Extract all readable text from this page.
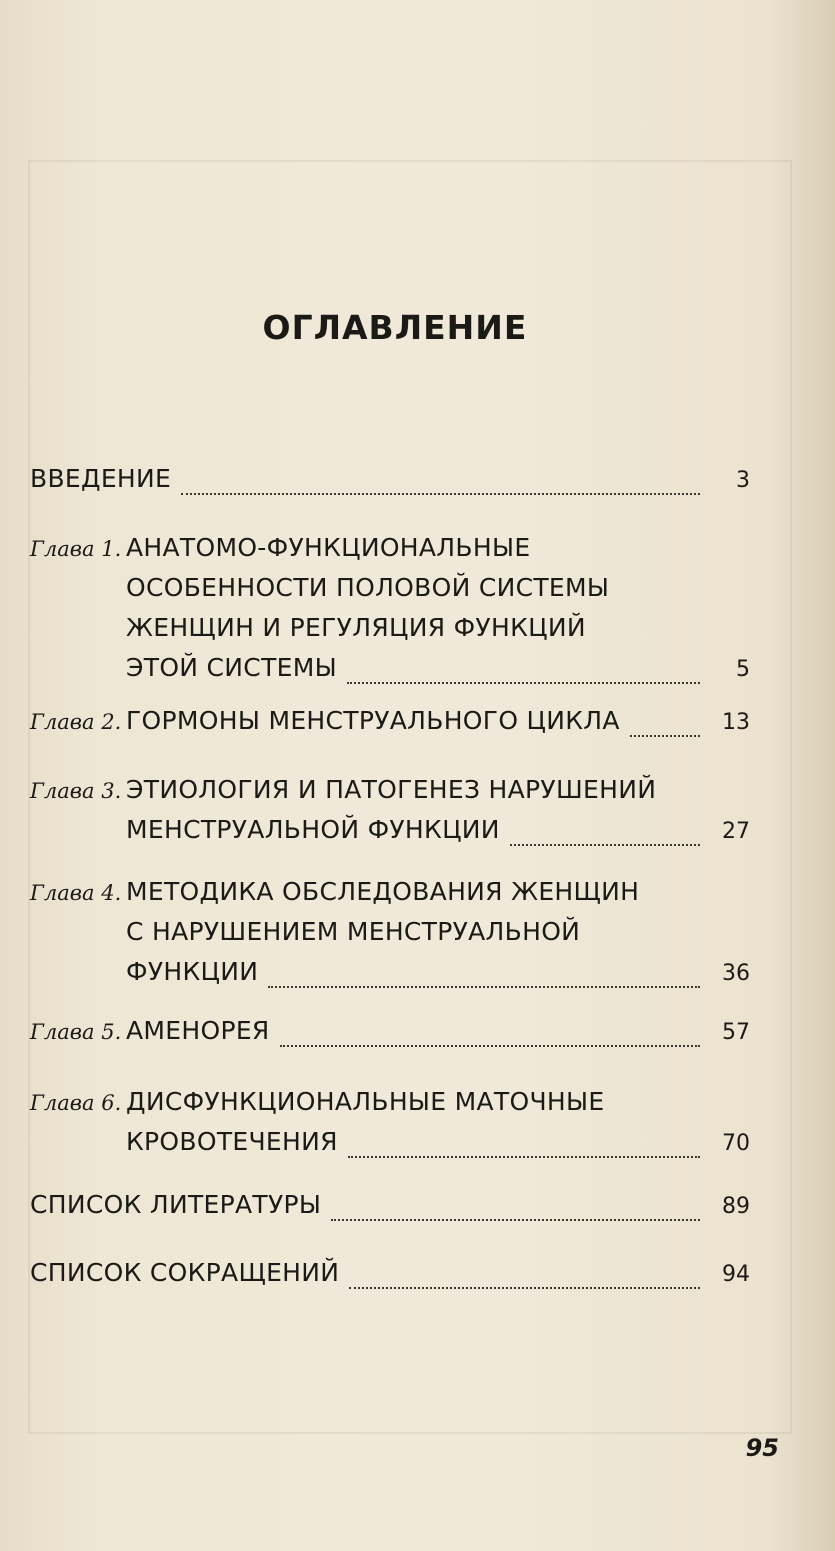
ОГЛАВЛЕНИЕ
ВВЕДЕНИЕ	3
Глава 1. АНАТОМО-ФУНКЦИОНАЛЬНЫЕ
ОСОБЕННОСТИ ПОЛОВОЙ СИСТЕМЫ
ЖЕНЩИН И РЕГУЛЯЦИЯ ФУНКЦИЙ
ЭТОЙ СИСТЕМЫ	5
Глава 2. ГОРМОНЫ МЕНСТРУАЛЬНОГО ЦИКЛА	13
Глава 3. ЭТИОЛОГИЯ И ПАТОГЕНЕЗ НАРУШЕНИЙ
МЕНСТРУАЛЬНОЙ ФУНКЦИИ	27
Глава 4. МЕТОДИКА ОБСЛЕДОВАНИЯ ЖЕНЩИН
С НАРУШЕНИЕМ МЕНСТРУАЛЬНОЙ
ФУНКЦИИ	36
Глава 5. АМЕНОРЕЯ	57
Глава 6. ДИСФУНКЦИОНАЛЬНЫЕ МАТОЧНЫЕ
КРОВОТЕЧЕНИЯ	70
СПИСОК ЛИТЕРАТУРЫ	89
СПИСОК СОКРАЩЕНИЙ	94
95
